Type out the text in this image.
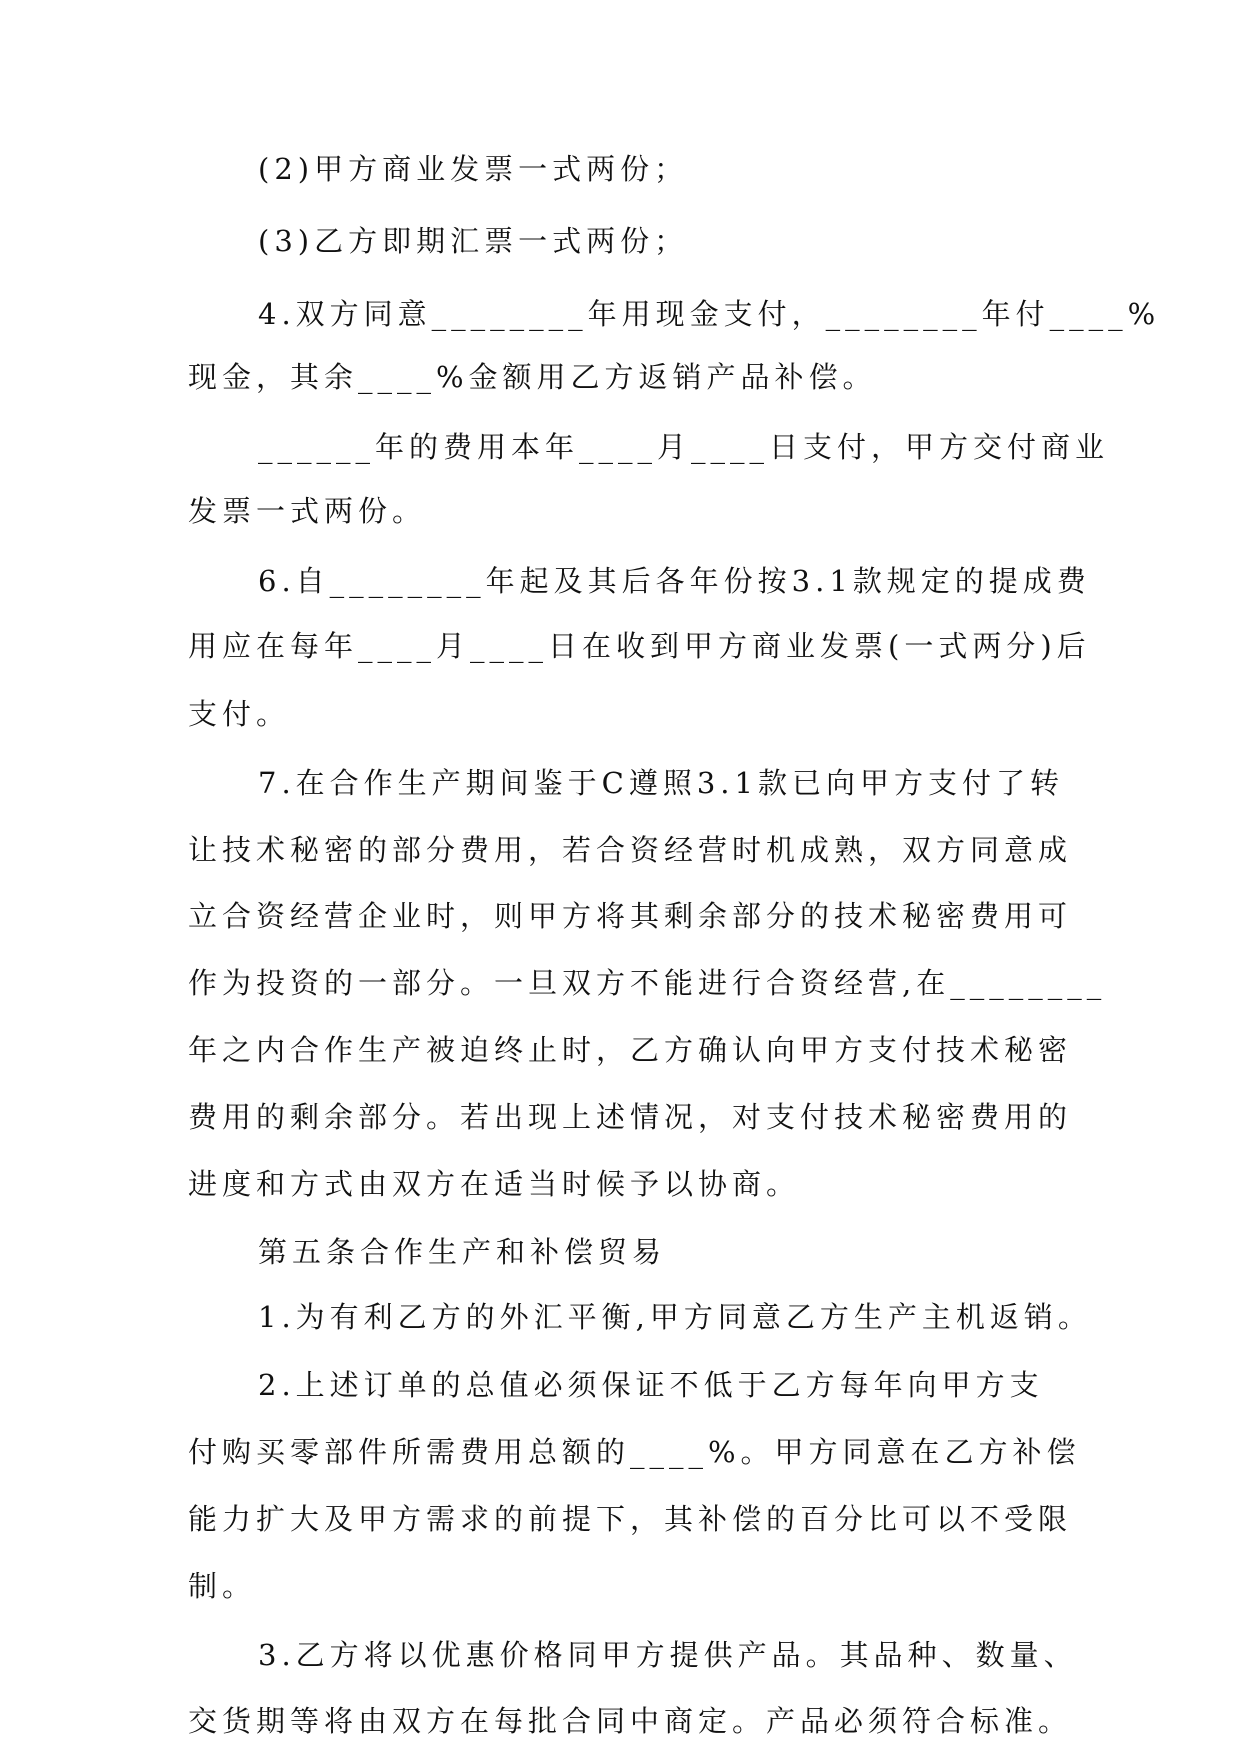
(2)甲方商业发票一式两份；
(3)乙方即期汇票一式两份；
4.双方同意________年用现金支付，________年付____%
现金，其余____%金额用乙方返销产品补偿。
______年的费用本年____月____日支付，甲方交付商业
发票一式两份。
6.自________年起及其后各年份按3.1款规定的提成费
用应在每年____月____日在收到甲方商业发票(一式两分)后
支付。
7.在合作生产期间鉴于C遵照3.1款已向甲方支付了转
让技术秘密的部分费用，若合资经营时机成熟，双方同意成
立合资经营企业时，则甲方将其剩余部分的技术秘密费用可
作为投资的一部分。一旦双方不能进行合资经营,在________
年之内合作生产被迫终止时，乙方确认向甲方支付技术秘密
费用的剩余部分。若出现上述情况，对支付技术秘密费用的
进度和方式由双方在适当时候予以协商。
第五条合作生产和补偿贸易
1.为有利乙方的外汇平衡,甲方同意乙方生产主机返销。
2.上述订单的总值必须保证不低于乙方每年向甲方支
付购买零部件所需费用总额的____%。甲方同意在乙方补偿
能力扩大及甲方需求的前提下，其补偿的百分比可以不受限
制。
3.乙方将以优惠价格同甲方提供产品。其品种、数量、
交货期等将由双方在每批合同中商定。产品必须符合标准。
